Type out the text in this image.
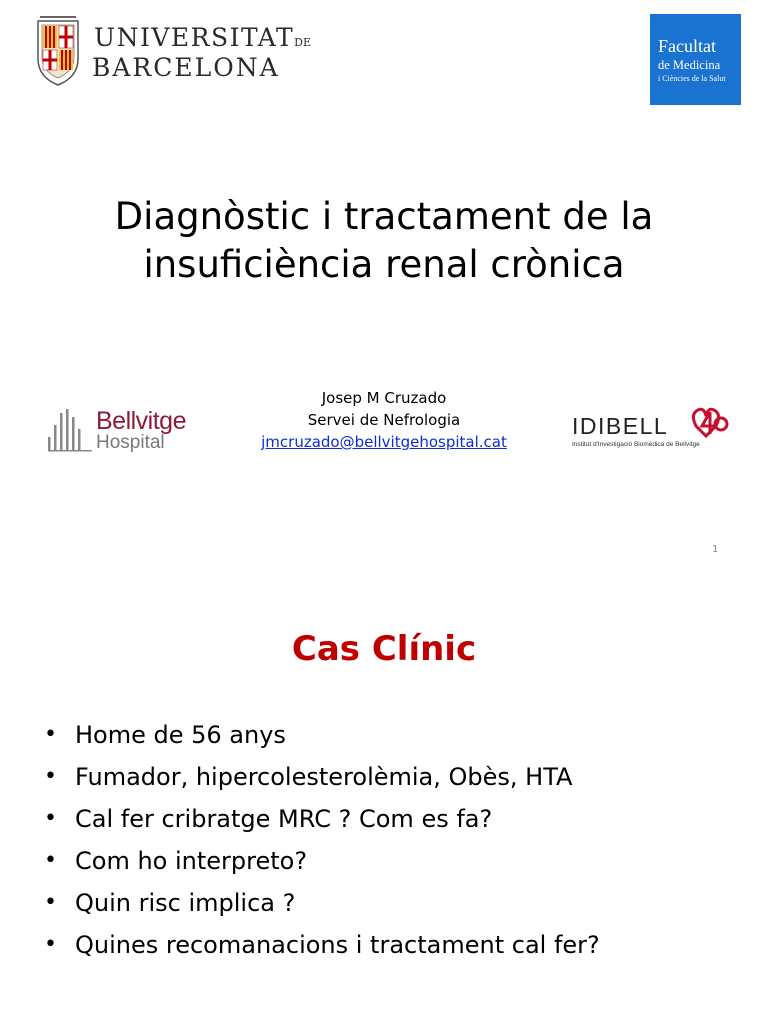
UNIVERSITATDE
BARCELONA
Facultat
de Medicina
i Ciències de la Salut
Diagnòstic i tractament de la
insuficiència renal crònica
Bellvitge
Hospital
Josep M Cruzado
Servei de Nefrologia
jmcruzado@bellvitgehospital.cat
IDIBELL
Institut d'Investigació Biomèdica de Bellvitge
1
Cas Clínic
• Home de 56 anys
• Fumador, hipercolesterolèmia, Obès, HTA
• Cal fer cribratge MRC ? Com es fa?
• Com ho interpreto?
• Quin risc implica ?
• Quines recomanacions i tractament cal fer?
